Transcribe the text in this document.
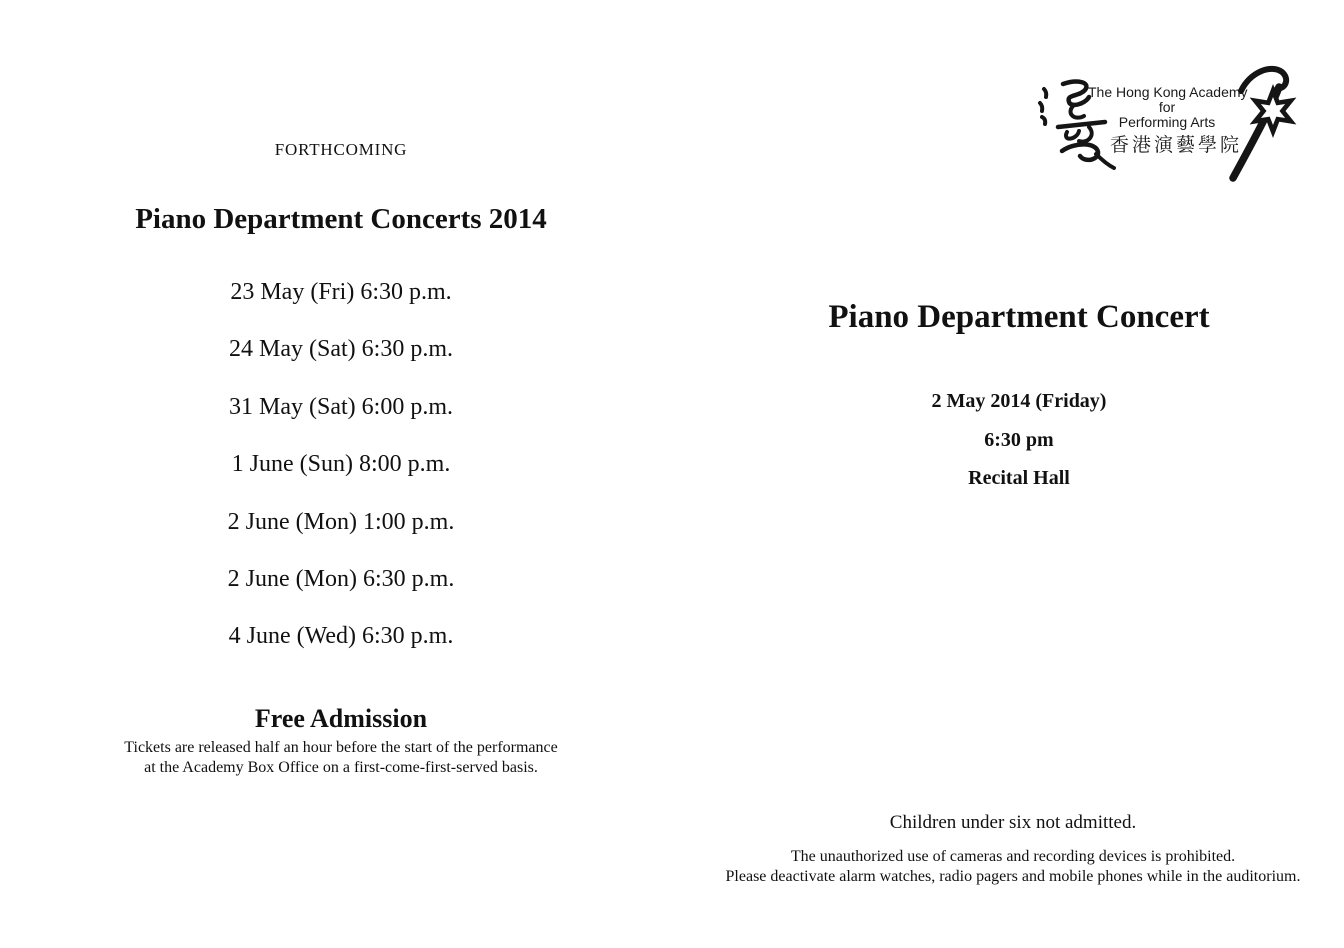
FORTHCOMING
Piano Department Concerts 2014
23 May (Fri) 6:30 p.m.
24 May (Sat) 6:30 p.m.
31 May (Sat) 6:00 p.m.
1 June (Sun) 8:00 p.m.
2 June (Mon) 1:00 p.m.
2 June (Mon) 6:30 p.m.
4 June (Wed) 6:30 p.m.
Free Admission
Tickets are released half an hour before the start of the performance
at the Academy Box Office on a first-come-first-served basis.
The Hong Kong Academy
for
Performing Arts
香港演藝學院
Piano Department Concert
2 May 2014 (Friday)
6:30 pm
Recital Hall
Children under six not admitted.
The unauthorized use of cameras and recording devices is prohibited.
Please deactivate alarm watches, radio pagers and mobile phones while in the auditorium.
